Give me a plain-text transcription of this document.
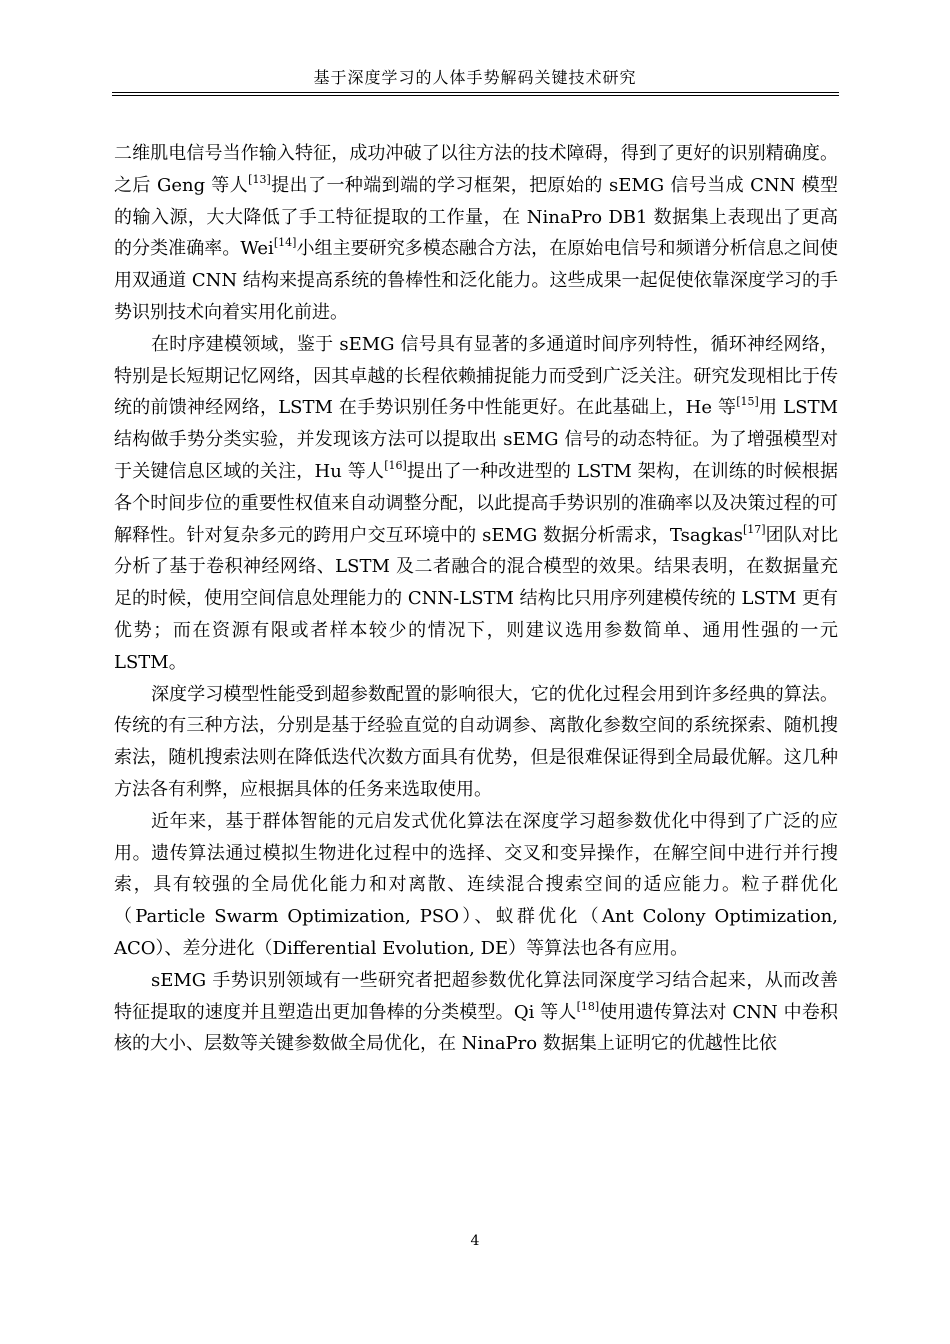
基于深度学习的人体手势解码关键技术研究

二维肌电信号当作输入特征，成功冲破了以往方法的技术障碍，得到了更好的识别精确度。之后 Geng 等人[13]提出了一种端到端的学习框架，把原始的 sEMG 信号当成 CNN 模型的输入源，大大降低了手工特征提取的工作量，在 NinaPro DB1 数据集上表现出了更高的分类准确率。Wei[14]小组主要研究多模态融合方法，在原始电信号和频谱分析信息之间使用双通道 CNN 结构来提高系统的鲁棒性和泛化能力。这些成果一起促使依靠深度学习的手势识别技术向着实用化前进。

在时序建模领域，鉴于 sEMG 信号具有显著的多通道时间序列特性，循环神经网络，特别是长短期记忆网络，因其卓越的长程依赖捕捉能力而受到广泛关注。研究发现相比于传统的前馈神经网络，LSTM 在手势识别任务中性能更好。在此基础上，He 等[15]用 LSTM 结构做手势分类实验，并发现该方法可以提取出 sEMG 信号的动态特征。为了增强模型对于关键信息区域的关注，Hu 等人[16]提出了一种改进型的 LSTM 架构，在训练的时候根据各个时间步位的重要性权值来自动调整分配，以此提高手势识别的准确率以及决策过程的可解释性。针对复杂多元的跨用户交互环境中的 sEMG 数据分析需求，Tsagkas[17]团队对比分析了基于卷积神经网络、LSTM 及二者融合的混合模型的效果。结果表明，在数据量充足的时候，使用空间信息处理能力的 CNN-LSTM 结构比只用序列建模传统的 LSTM 更有优势；而在资源有限或者样本较少的情况下，则建议选用参数简单、通用性强的一元 LSTM。

深度学习模型性能受到超参数配置的影响很大，它的优化过程会用到许多经典的算法。传统的有三种方法，分别是基于经验直觉的自动调参、离散化参数空间的系统探索、随机搜索法，随机搜索法则在降低迭代次数方面具有优势，但是很难保证得到全局最优解。这几种方法各有利弊，应根据具体的任务来选取使用。

近年来，基于群体智能的元启发式优化算法在深度学习超参数优化中得到了广泛的应用。遗传算法通过模拟生物进化过程中的选择、交叉和变异操作，在解空间中进行并行搜索，具有较强的全局优化能力和对离散、连续混合搜索空间的适应能力。粒子群优化（Particle Swarm Optimization, PSO）、蚁群优化（Ant Colony Optimization, ACO）、差分进化（Differential Evolution, DE）等算法也各有应用。

sEMG 手势识别领域有一些研究者把超参数优化算法同深度学习结合起来，从而改善特征提取的速度并且塑造出更加鲁棒的分类模型。Qi 等人[18]使用遗传算法对 CNN 中卷积核的大小、层数等关键参数做全局优化，在 NinaPro 数据集上证明它的优越性比依

4
